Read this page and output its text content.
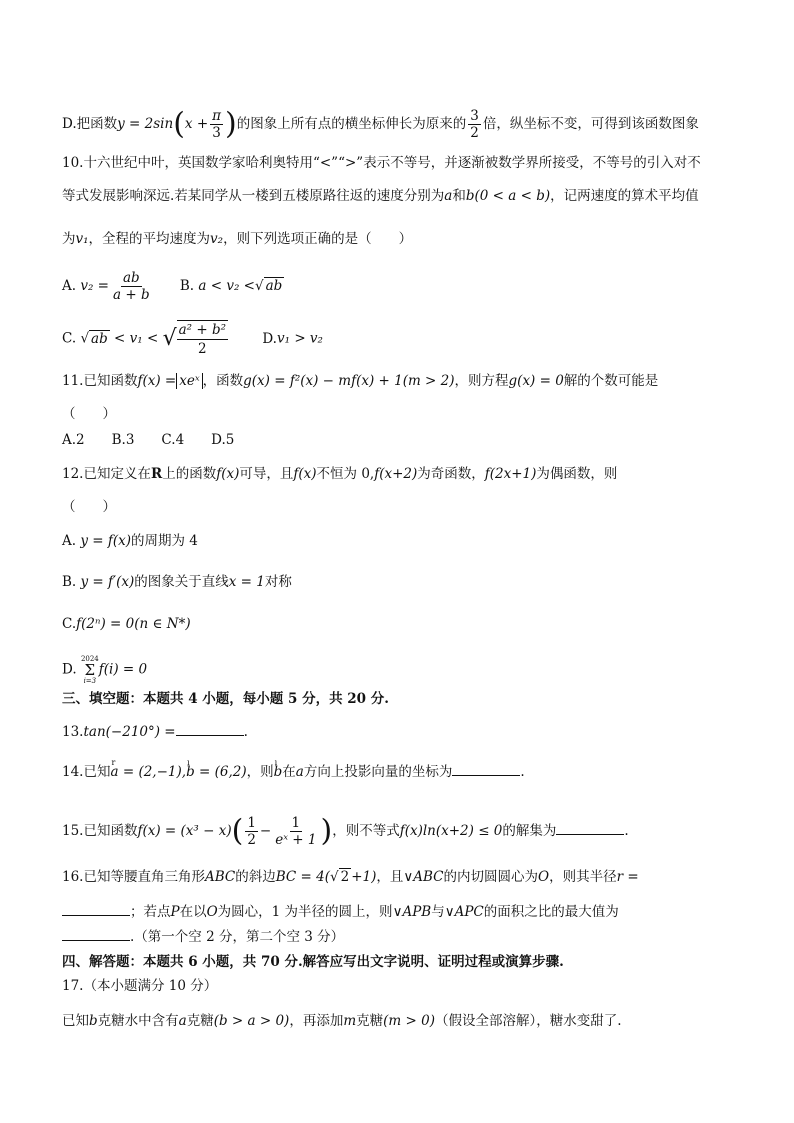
D.把函数$y = 2\sin(x + \frac{\pi}{3}$ )的图象上所有点的横坐标伸长为原来的 $\frac{3}{2}$ 倍，纵坐标不变，可得到该函数图象
10.十六世纪中叶，英国数学家哈利奥特用“<”“>”表示不等号，并逐渐被数学界所接受，不等号的引入对不
等式发展影响深远.若某同学从一楼到五楼原路往返的速度分别为a和b(0 < a < b)，记两速度的算术平均值
为v₁，全程的平均速度为v₂，则下列选项正确的是（　　）
A. $v_2 = \frac{ab}{a + b} B$. a < v₂ <√ ab
C. √ ab < v₁ < √ $\frac{\text{a² + b²}}{2}$	D.v₁ > v₂
11.已知函数f(x) = xeˣ ，函数g(x) = f²(x) − mf(x) + 1(m > 2)，则方程g(x) = 0解的个数可能是
（　　）
A.2　　B.3　　C.4　　D.5
12.已知定义在R上的函数f(x)可导，且f(x)不恒为 0,f(x+2)为奇函数，f(2x+1)为偶函数，则
（　　）
A. y = f(x)的周期为 4
B. y = f′(x)的图象关于直线x = 1对称
C.f(2ⁿ) = 0(n ∈ N*)
D.
2024
Σ
i=3
f(i) = 0
三、填空题：本题共 4 小题，每小题 5 分，共 20 分.
13.tan(−210°) =	.
14.已知r a = (2,−1),ı b = (6,2)，则ı b在a方向上投影向量的坐标为	.
15.已知函数$f(x) = (x^3 - x)( \frac{1}{2} - \frac{1}{\text{eˣ + 1}}$ )，则不等式f(x)ln(x+2) ≤ 0的解集为	.
16.已知等腰直角三角形ABC的斜边BC = 4(√ 2 +1)，且∨ABC的内切圆圆心为O，则其半径r =
；若点P在以O为圆心，1 为半径的圆上，则∨APB与∨APC的面积之比的最大值为
.（第一个空 2 分，第二个空 3 分）
四、解答题：本题共 6 小题，共 70 分.解答应写出文字说明、证明过程或演算步骤.
17.（本小题满分 10 分）
已知b克糖水中含有a克糖(b > a > 0)，再添加m克糖(m > 0)（假设全部溶解），糖水变甜了.
